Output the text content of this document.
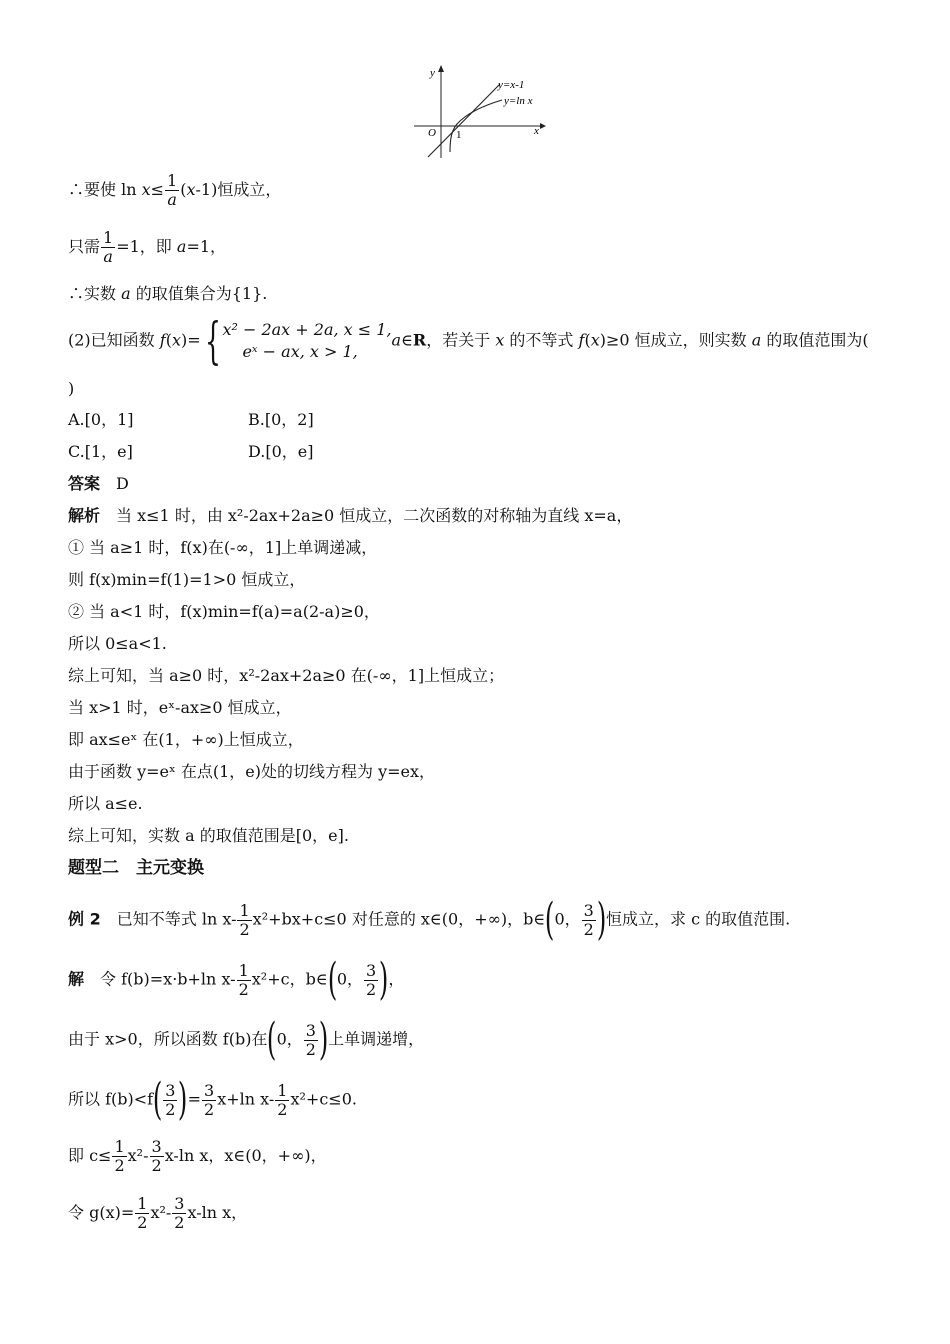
y
x
O 1
y=x-1
y=ln x
∴要使 $\ln x\le \frac{1}{a} (x-1)$恒成立，
只需 $\frac{1}{a} =1$，即 a=1，
∴实数 a 的取值集合为{1}.
(2)已知函数 f(x)={ x² − 2ax + 2a, x ≤ 1,
eˣ − ax, x > 1,
a∈R，若关于 x 的不等式 f(x)≥0 恒成立，则实数 a 的取值范围为(
)
A.[0，1]	B.[0，2]
C.[1，e]	D.[0，e]
答案　 D
解析　 当 x≤1 时，由 x²-2ax+2a≥0 恒成立，二次函数的对称轴为直线 x=a，
① 当 a≥1 时，f(x)在(-∞，1]上单调递减，
则 f(x)min=f(1)=1>0 恒成立，
② 当 a<1 时，f(x)min=f(a)=a(2-a)≥0，
所以 0≤a<1.
综上可知，当 a≥0 时，x²-2ax+2a≥0 在(-∞，1]上恒成立；
当 x>1 时，eˣ-ax≥0 恒成立，
即 ax≤eˣ 在(1，+∞)上恒成立，
由于函数 y=eˣ 在点(1，e)处的切线方程为 y=ex，
所以 a≤e.
综上可知，实数 a 的取值范围是[0，e].
题型二　主元变换
例 2　 已知不等式 $\ln x- \frac{1}{2} x^2+bx+c\le 0$ 对任意的 x∈(0，+∞)，b∈(0， $\frac{3}{2}$ )恒成立，求 c 的取值范围.
解　 令 f(b)=x·b+ln $x- \frac{1}{2} x^2+c$，b∈(0， $\frac{3}{2}$ )，
由于 x>0，所以函数 f(b)在(0， $\frac{3}{2}$ )上单调递增，
所以 $f(b)<f( \frac{3}{2}$ )= $\frac{3}{2} x+\ln$ $x- \frac{1}{2} x^2+c\le 0$.
即 $c\le \frac{1}{2} x^2- \frac{3}{2} x-\ln$ x，x∈(0，+∞)，
令 $g(x)= \frac{1}{2} x^2- \frac{3}{2} x-\ln$ x，
